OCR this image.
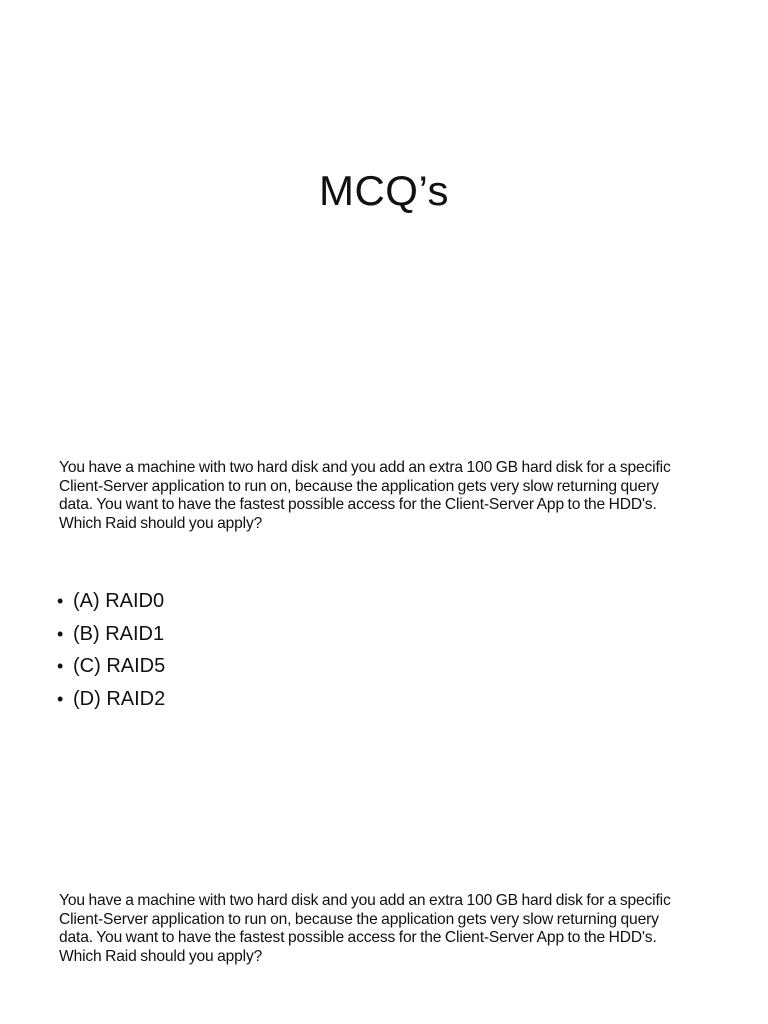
MCQ’s
You have a machine with two hard disk and you add an extra 100 GB hard disk for a specific
Client-Server application to run on, because the application gets very slow returning query
data. You want to have the fastest possible access for the Client-Server App to the HDD's.
Which Raid should you apply?
• (A) RAID0
• (B) RAID1
• (C) RAID5
• (D) RAID2
You have a machine with two hard disk and you add an extra 100 GB hard disk for a specific
Client-Server application to run on, because the application gets very slow returning query
data. You want to have the fastest possible access for the Client-Server App to the HDD's.
Which Raid should you apply?
